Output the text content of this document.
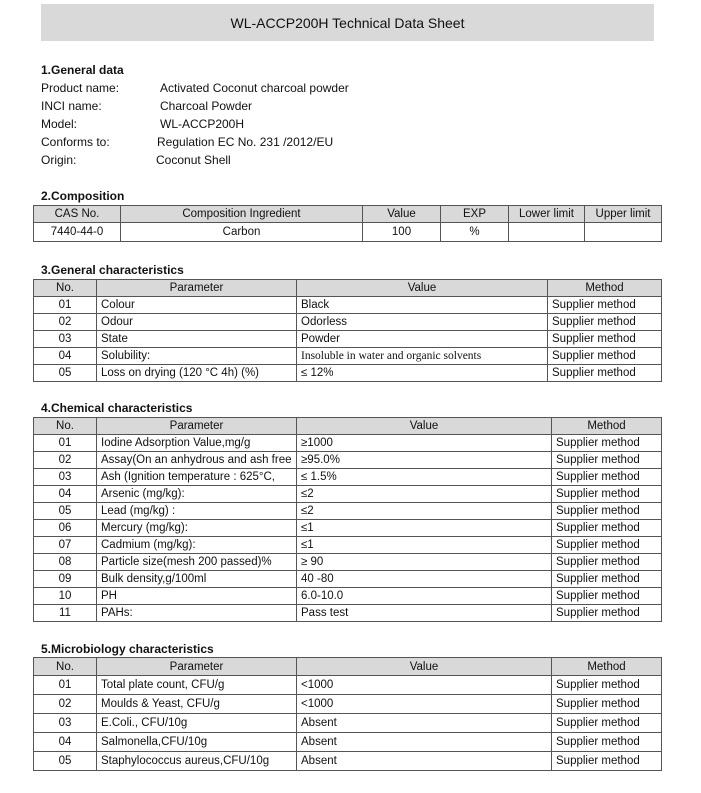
WL-ACCP200H Technical Data Sheet
1.General data
Product name:	Activated Coconut charcoal powder
INCI name:	Charcoal Powder
Model:	WL-ACCP200H
Conforms to:	Regulation EC No. 231 /2012/EU
Origin:	Coconut Shell
2.Composition
CAS No.	Composition Ingredient	Value	EXP	Lower limit	Upper limit
7440-44-0	Carbon	100	%		
3.General characteristics
No.	Parameter	Value	Method
01	Colour	Black	Supplier method
02	Odour	Odorless	Supplier method
03	State	Powder	Supplier method
04	Solubility:	Insoluble in water and organic solvents	Supplier method
05	Loss on drying (120 °C 4h) (%)	≤ 12%	Supplier method
4.Chemical characteristics
No.	Parameter	Value	Method
01	Iodine Adsorption Value,mg/g	≥1000	Supplier method
02	Assay(On an anhydrous and ash free	≥95.0%	Supplier method
03	Ash (Ignition temperature : 625°C,	≤ 1.5%	Supplier method
04	Arsenic (mg/kg):	≤2	Supplier method
05	Lead (mg/kg) :	≤2	Supplier method
06	Mercury (mg/kg):	≤1	Supplier method
07	Cadmium (mg/kg):	≤1	Supplier method
08	Particle size(mesh 200 passed)%	≥ 90	Supplier method
09	Bulk density,g/100ml	40 -80	Supplier method
10	PH	6.0-10.0	Supplier method
11	PAHs:	Pass test	Supplier method
5.Microbiology characteristics
No.	Parameter	Value	Method
01	Total plate count, CFU/g	<1000	Supplier method
02	Moulds & Yeast, CFU/g	<1000	Supplier method
03	E.Coli., CFU/10g	Absent	Supplier method
04	Salmonella,CFU/10g	Absent	Supplier method
05	Staphylococcus aureus,CFU/10g	Absent	Supplier method
